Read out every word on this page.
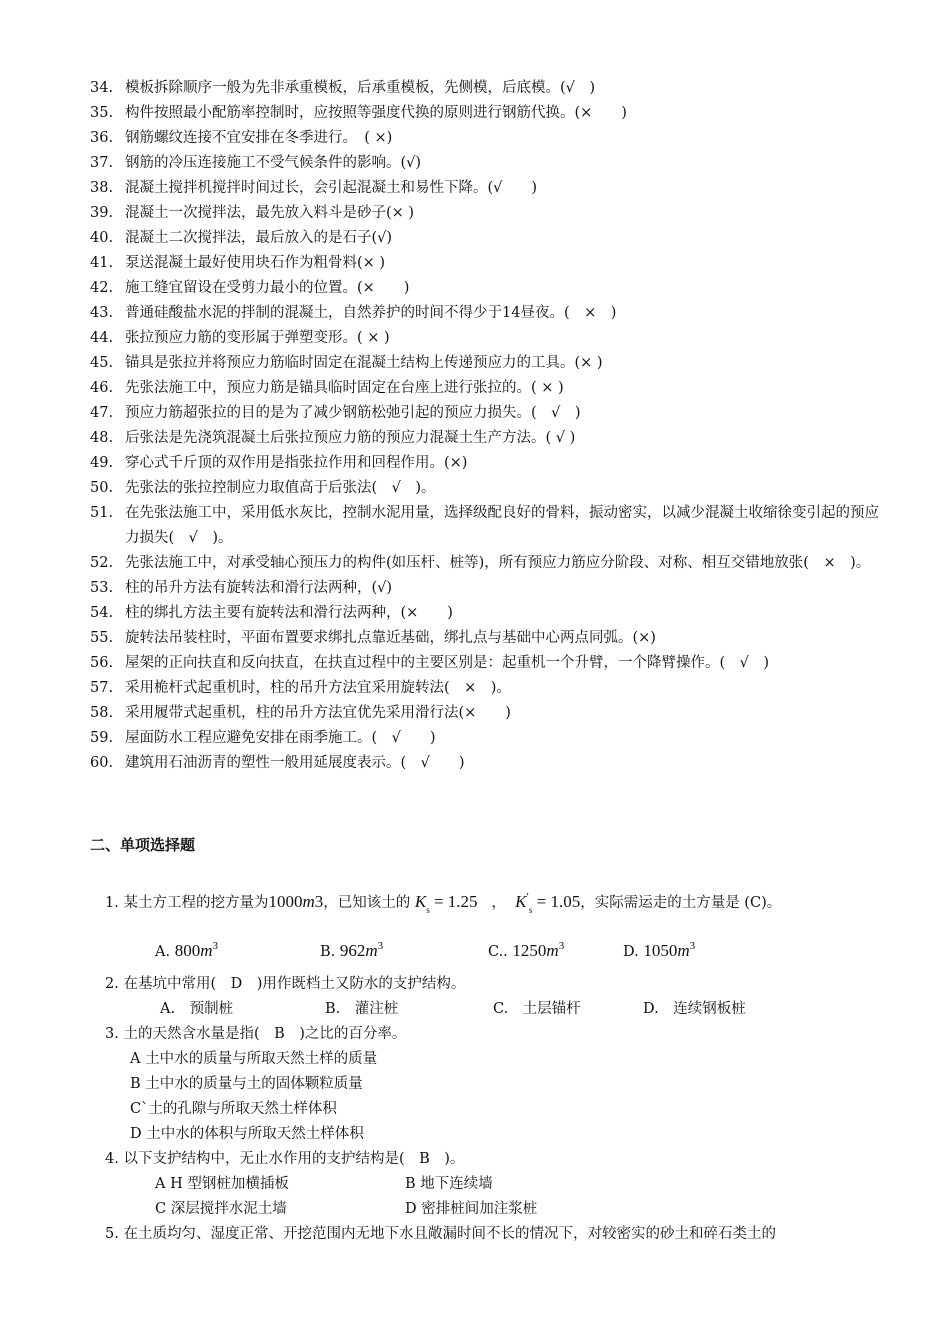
34. 模板拆除顺序一般为先非承重模板，后承重模板，先侧模，后底模。(√　)
35. 构件按照最小配筋率控制时，应按照等强度代换的原则进行钢筋代换。(×　　)
36. 钢筋螺纹连接不宜安排在冬季进行。　( ×)
37. 钢筋的冷压连接施工不受气候条件的影响。(√)
38. 混凝土搅拌机搅拌时间过长，会引起混凝土和易性下降。(√　　)
39. 混凝土一次搅拌法，最先放入料斗是砂子(× )
40. 混凝土二次搅拌法，最后放入的是石子(√)
41. 泵送混凝土最好使用块石作为粗骨料(× )
42. 施工缝宜留设在受剪力最小的位置。(×　　)
43. 普通硅酸盐水泥的拌制的混凝土，自然养护的时间不得少于14昼夜。(　×　)
44. 张拉预应力筋的变形属于弹塑变形。( × )
45. 锚具是张拉并将预应力筋临时固定在混凝土结构上传递预应力的工具。(× )
46. 先张法施工中，预应力筋是锚具临时固定在台座上进行张拉的。( × )
47. 预应力筋超张拉的目的是为了减少钢筋松弛引起的预应力损失。(　√　)
48. 后张法是先浇筑混凝土后张拉预应力筋的预应力混凝土生产方法。( √ )
49. 穿心式千斤顶的双作用是指张拉作用和回程作用。(×)
50. 先张法的张拉控制应力取值高于后张法(　√　)。
51. 在先张法施工中，采用低水灰比，控制水泥用量，选择级配良好的骨料，振动密实，以减少混凝土收缩徐变引起的预应力损失(　√　)。
52. 先张法施工中，对承受轴心预压力的构件(如压杆、桩等)，所有预应力筋应分阶段、对称、相互交错地放张(　×　)。
53. 柱的吊升方法有旋转法和滑行法两种，(√)
54. 柱的绑扎方法主要有旋转法和滑行法两种，(×　　)
55. 旋转法吊装柱时，平面布置要求绑扎点靠近基础，绑扎点与基础中心两点同弧。(×)
56. 屋架的正向扶直和反向扶直，在扶直过程中的主要区别是：起重机一个升臂，一个降臂操作。(　√　)
57. 采用桅杆式起重机时，柱的吊升方法宜采用旋转法(　×　)。
58. 采用履带式起重机，柱的吊升方法宜优先采用滑行法(×　　)
59. 屋面防水工程应避免安排在雨季施工。(　√　　)
60. 建筑用石油沥青的塑性一般用延展度表示。(　√　　)
二、单项选择题
1. 某土方工程的挖方量为1000m3，已知该土的 $K_s = 1.25$ ， $K'_s = 1.05$，实际需运走的土方量是 (C)。
A. $800m^3$	B. $962m^3$	C.. $1250m^3$	D. $1050m^3$
2. 在基坑中常用(　D　)用作既档土又防水的支护结构。
A.　预制桩	B.　灌注桩	C.　土层锚杆	D.　连续钢板桩
3. 土的天然含水量是指(　B　)之比的百分率。
A 土中水的质量与所取天然土样的质量
B 土中水的质量与土的固体颗粒质量
C`土的孔隙与所取天然土样体积
D 土中水的体积与所取天然土样体积
4. 以下支护结构中，无止水作用的支护结构是(　B　)。
A H 型钢桩加横插板	B 地下连续墙
C 深层搅拌水泥土墙	D 密排桩间加注浆桩
5. 在土质均匀、湿度正常、开挖范围内无地下水且敞漏时间不长的情况下，对较密实的砂土和碎石类土的
